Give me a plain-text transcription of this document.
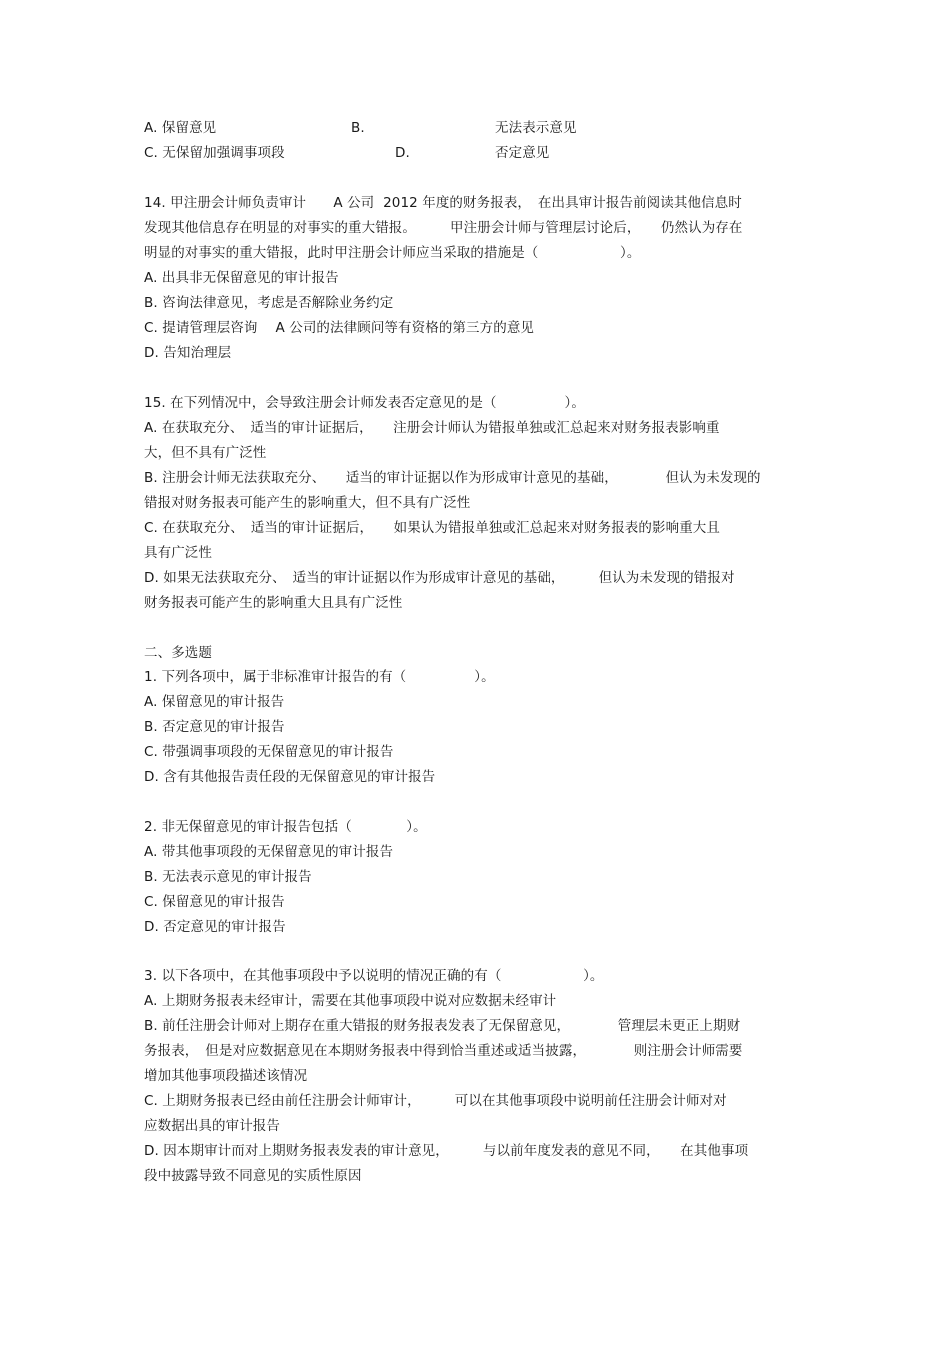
A. 保留意见	B.	无法表示意见
C. 无保留加强调事项段	D.	否定意见
14. 甲注册会计师负责审计　　A 公司  2012 年度的财务报表，　在出具审计报告前阅读其他信息时
发现其他信息存在明显的对事实的重大错报。　　　甲注册会计师与管理层讨论后，　　仍然认为存在
明显的对事实的重大错报，此时甲注册会计师应当采取的措施是（　　　　　　）。
A. 出具非无保留意见的审计报告
B. 咨询法律意见，考虑是否解除业务约定
C. 提请管理层咨询　 A 公司的法律顾问等有资格的第三方的意见
D. 告知治理层
15. 在下列情况中，会导致注册会计师发表否定意见的是（　　　　　）。
A. 在获取充分、　适当的审计证据后，　　注册会计师认为错报单独或汇总起来对财务报表影响重
大，但不具有广泛性
B. 注册会计师无法获取充分、　　适当的审计证据以作为形成审计意见的基础，　　　　但认为未发现的
错报对财务报表可能产生的影响重大，但不具有广泛性
C. 在获取充分、　适当的审计证据后，　　如果认为错报单独或汇总起来对财务报表的影响重大且
具有广泛性
D. 如果无法获取充分、　适当的审计证据以作为形成审计意见的基础，　　　但认为未发现的错报对
财务报表可能产生的影响重大且具有广泛性
二、多选题
1. 下列各项中，属于非标准审计报告的有（　　　　　）。
A. 保留意见的审计报告
B. 否定意见的审计报告
C. 带强调事项段的无保留意见的审计报告
D. 含有其他报告责任段的无保留意见的审计报告
2. 非无保留意见的审计报告包括（　　　　）。
A. 带其他事项段的无保留意见的审计报告
B. 无法表示意见的审计报告
C. 保留意见的审计报告
D. 否定意见的审计报告
3. 以下各项中，在其他事项段中予以说明的情况正确的有（　　　　　　）。
A. 上期财务报表未经审计，需要在其他事项段中说对应数据未经审计
B. 前任注册会计师对上期存在重大错报的财务报表发表了无保留意见，　　　　管理层未更正上期财
务报表，　但是对应数据意见在本期财务报表中得到恰当重述或适当披露，　　　　则注册会计师需要
增加其他事项段描述该情况
C. 上期财务报表已经由前任注册会计师审计，　　　可以在其他事项段中说明前任注册会计师对对
应数据出具的审计报告
D. 因本期审计而对上期财务报表发表的审计意见，　　　与以前年度发表的意见不同，　　在其他事项
段中披露导致不同意见的实质性原因
